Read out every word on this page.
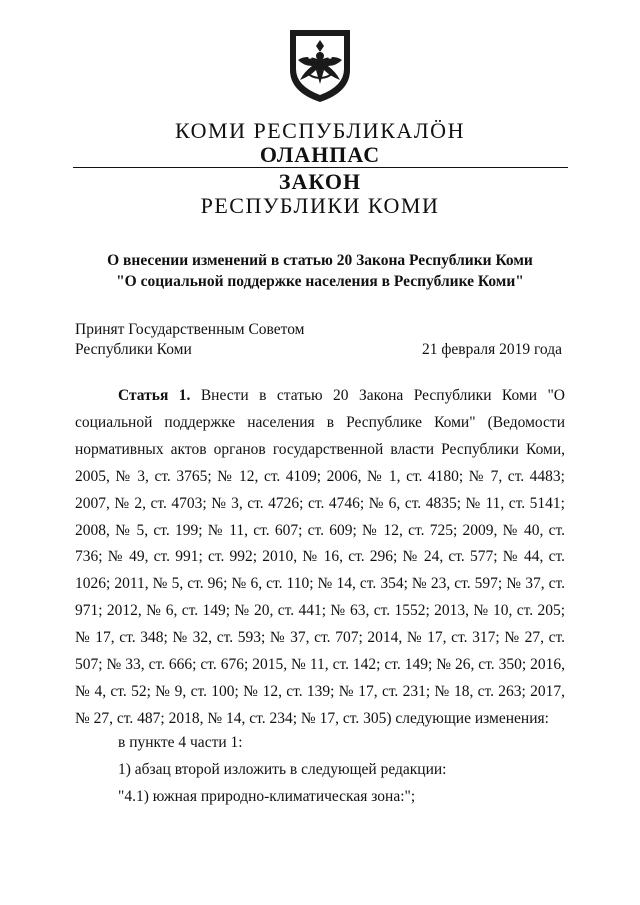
КОМИ РЕСПУБЛИКАЛӦН
ОЛАНПАС
ЗАКОН
РЕСПУБЛИКИ КОМИ
О внесении изменений в статью 20 Закона Республики Коми
"О социальной поддержке населения в Республике Коми"
Принят Государственным Советом
Республики Коми	21 февраля 2019 года

Статья 1. Внести в статью 20 Закона Республики Коми "О социальной поддержке населения в Республике Коми" (Ведомости нормативных актов органов государственной власти Республики Коми, 2005, № 3, ст. 3765; № 12, ст. 4109; 2006, № 1, ст. 4180; № 7, ст. 4483; 2007, № 2, ст. 4703; № 3, ст. 4726; ст. 4746; № 6, ст. 4835; № 11, ст. 5141; 2008, № 5, ст. 199; № 11, ст. 607; ст. 609; № 12, ст. 725; 2009, № 40, ст. 736; № 49, ст. 991; ст. 992; 2010, № 16, ст. 296; № 24, ст. 577; № 44, ст. 1026; 2011, № 5, ст. 96; № 6, ст. 110; № 14, ст. 354; № 23, ст. 597; № 37, ст. 971; 2012, № 6, ст. 149; № 20, ст. 441; № 63, ст. 1552; 2013, № 10, ст. 205; № 17, ст. 348; № 32, ст. 593; № 37, ст. 707; 2014, № 17, ст. 317; № 27, ст. 507; № 33, ст. 666; ст. 676; 2015, № 11, ст. 142; ст. 149; № 26, ст. 350; 2016, № 4, ст. 52; № 9, ст. 100; № 12, ст. 139; № 17, ст. 231; № 18, ст. 263; 2017, № 27, ст. 487; 2018, № 14, ст. 234; № 17, ст. 305) следующие изменения:

в пункте 4 части 1:
1) абзац второй изложить в следующей редакции:
"4.1) южная природно-климатическая зона:";
